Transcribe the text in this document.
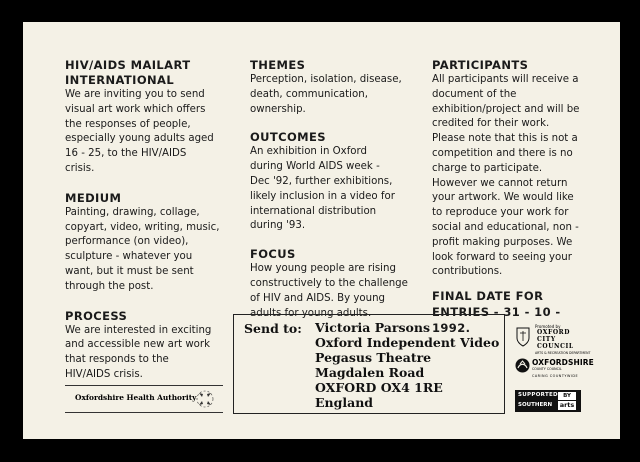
HIV/AIDS MAILART
INTERNATIONAL
We are inviting you to send
visual art work which offers
the responses of people,
especially young adults aged
16 - 25, to the HIV/AIDS
crisis.
MEDIUM
Painting, drawing, collage,
copyart, video, writing, music,
performance (on video),
sculpture - whatever you
want, but it must be sent
through the post.
PROCESS
We are interested in exciting
and accessible new art work
that responds to the
HIV/AIDS crisis.
THEMES
Perception, isolation, disease,
death, communication,
ownership.
OUTCOMES
An exhibition in Oxford
during World AIDS week -
Dec '92, further exhibitions,
likely inclusion in a video for
international distribution
during '93.
FOCUS
How young people are rising
constructively to the challenge
of HIV and AIDS. By young
adults for young adults.
PARTICIPANTS
All participants will receive a
document of the
exhibition/project and will be
credited for their work.
Please note that this is not a
competition and there is no
charge to participate.
However we cannot return
your artwork. We would like
to reproduce your work for
social and educational, non -
profit making purposes. We
look forward to seeing your
contributions.
FINAL DATE FOR
ENTRIES - 31 - 10 - 1992.
Send to: Victoria Parsons
Oxford Independent Video
Pegasus Theatre
Magdalen Road
OXFORD OX4 1RE
England
Oxfordshire Health Authority
Promoted by
OXFORD
CITY
COUNCIL
ARTS & RECREATION DEPARTMENT
OXFORDSHIRE
COUNTY COUNCIL
CARING COUNTYWIDE
SUPPORTED BY
SOUTHERN arts
